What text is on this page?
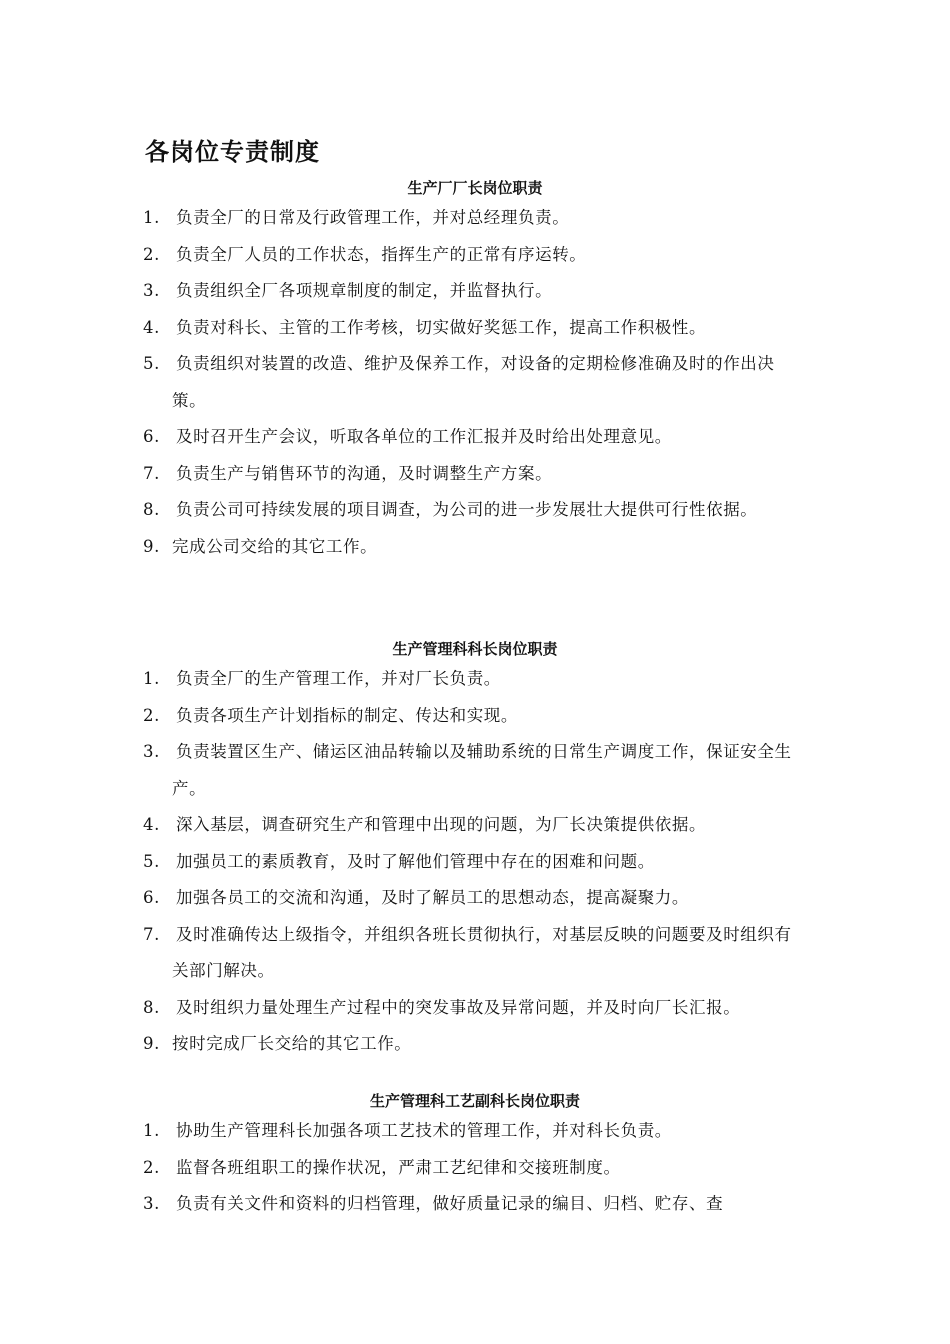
各岗位专责制度
生产厂厂长岗位职责
1. 负责全厂的日常及行政管理工作，并对总经理负责。
2. 负责全厂人员的工作状态，指挥生产的正常有序运转。
3. 负责组织全厂各项规章制度的制定，并监督执行。
4. 负责对科长、主管的工作考核，切实做好奖惩工作，提高工作积极性。
5. 负责组织对装置的改造、维护及保养工作，对设备的定期检修准确及时的作出决策。
6. 及时召开生产会议，听取各单位的工作汇报并及时给出处理意见。
7. 负责生产与销售环节的沟通，及时调整生产方案。
8. 负责公司可持续发展的项目调查，为公司的进一步发展壮大提供可行性依据。
9. 完成公司交给的其它工作。
生产管理科科长岗位职责
1. 负责全厂的生产管理工作，并对厂长负责。
2. 负责各项生产计划指标的制定、传达和实现。
3. 负责装置区生产、储运区油品转输以及辅助系统的日常生产调度工作，保证安全生产。
4. 深入基层，调查研究生产和管理中出现的问题，为厂长决策提供依据。
5. 加强员工的素质教育，及时了解他们管理中存在的困难和问题。
6. 加强各员工的交流和沟通，及时了解员工的思想动态，提高凝聚力。
7. 及时准确传达上级指令，并组织各班长贯彻执行，对基层反映的问题要及时组织有关部门解决。
8. 及时组织力量处理生产过程中的突发事故及异常问题，并及时向厂长汇报。
9. 按时完成厂长交给的其它工作。
生产管理科工艺副科长岗位职责
1. 协助生产管理科长加强各项工艺技术的管理工作，并对科长负责。
2. 监督各班组职工的操作状况，严肃工艺纪律和交接班制度。
3. 负责有关文件和资料的归档管理，做好质量记录的编目、归档、贮存、查
